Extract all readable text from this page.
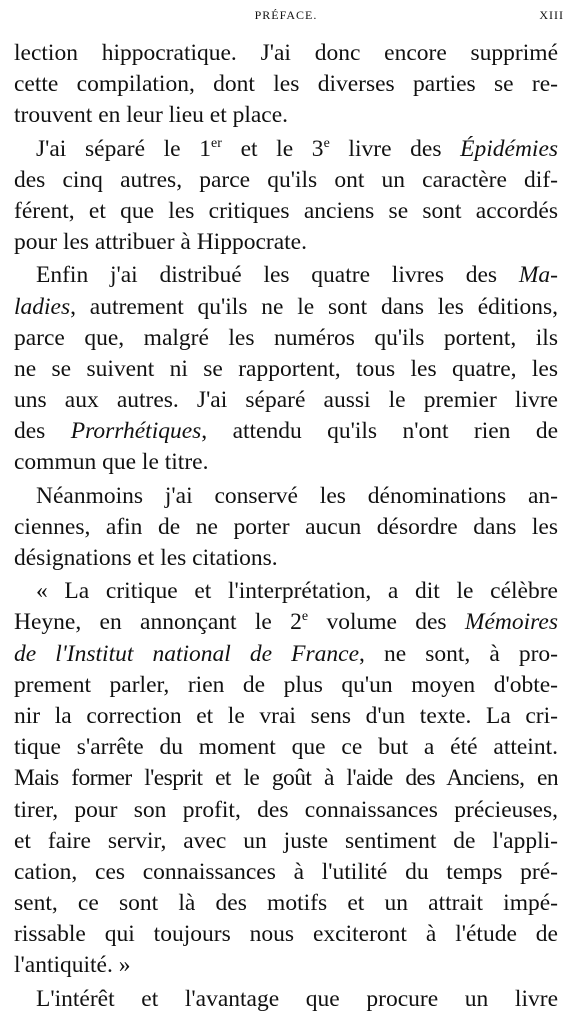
PRÉFACE.	XIII
lection hippocratique. J'ai donc encore supprimé
cette compilation, dont les diverses parties se re-
trouvent en leur lieu et place.
J'ai séparé le 1er et le 3e livre des Épidémies
des cinq autres, parce qu'ils ont un caractère dif-
férent, et que les critiques anciens se sont accordés
pour les attribuer à Hippocrate.
Enfin j'ai distribué les quatre livres des Ma-
ladies, autrement qu'ils ne le sont dans les éditions,
parce que, malgré les numéros qu'ils portent, ils
ne se suivent ni se rapportent, tous les quatre, les
uns aux autres. J'ai séparé aussi le premier livre
des Prorrhétiques, attendu qu'ils n'ont rien de
commun que le titre.
Néanmoins j'ai conservé les dénominations an-
ciennes, afin de ne porter aucun désordre dans les
désignations et les citations.
« La critique et l'interprétation, a dit le célèbre
Heyne, en annonçant le 2e volume des Mémoires
de l'Institut national de France, ne sont, à pro-
prement parler, rien de plus qu'un moyen d'obte-
nir la correction et le vrai sens d'un texte. La cri-
tique s'arrête du moment que ce but a été atteint.
Mais former l'esprit et le goût à l'aide des Anciens, en
tirer, pour son profit, des connaissances précieuses,
et faire servir, avec un juste sentiment de l'appli-
cation, ces connaissances à l'utilité du temps pré-
sent, ce sont là des motifs et un attrait impé-
rissable qui toujours nous exciteront à l'étude de
l'antiquité. »
L'intérêt et l'avantage que procure un livre
